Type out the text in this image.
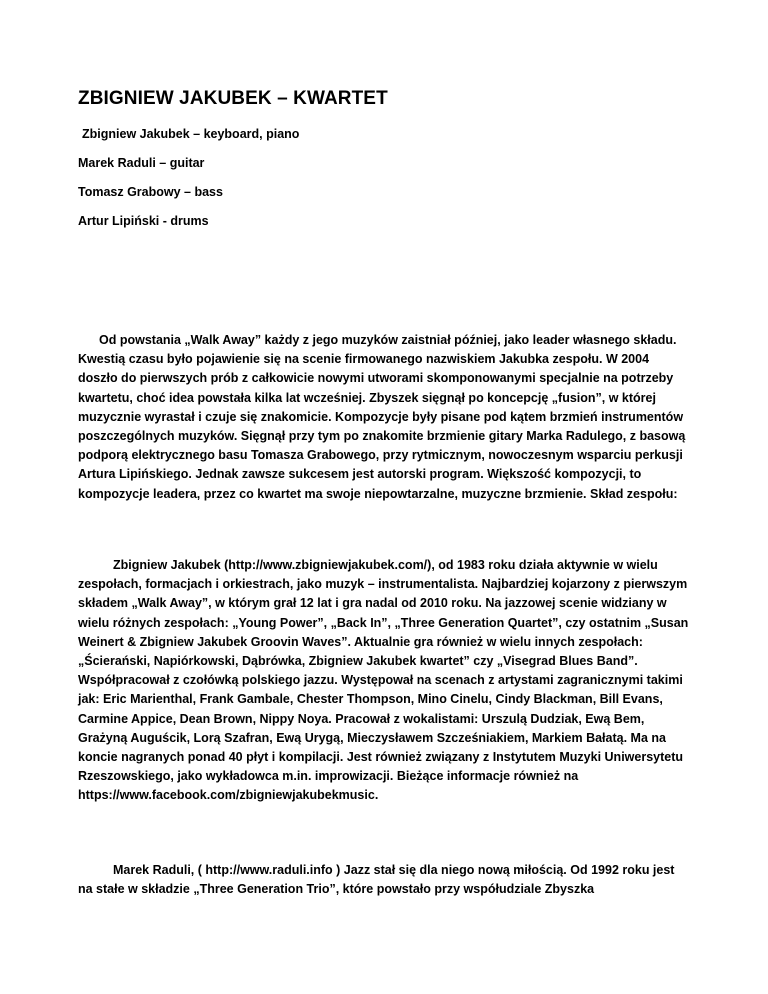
ZBIGNIEW JAKUBEK – KWARTET
Zbigniew Jakubek – keyboard, piano
Marek Raduli – guitar
Tomasz Grabowy – bass
Artur Lipiński - drums

Od powstania „Walk Away” każdy z jego muzyków zaistniał później, jako leader własnego składu. Kwestią czasu było pojawienie się na scenie firmowanego nazwiskiem Jakubka zespołu. W 2004 doszło do pierwszych prób z całkowicie nowymi utworami skomponowanymi specjalnie na potrzeby kwartetu, choć idea powstała kilka lat wcześniej. Zbyszek sięgnął po koncepcję „fusion”, w której muzycznie wyrastał i czuje się znakomicie. Kompozycje były pisane pod kątem brzmień instrumentów poszczególnych muzyków. Sięgnął przy tym po znakomite brzmienie gitary Marka Radulego, z basową podporą elektrycznego basu Tomasza Grabowego, przy rytmicznym, nowoczesnym wsparciu perkusji Artura Lipińskiego. Jednak zawsze sukcesem jest autorski program. Większość kompozycji, to kompozycje leadera, przez co kwartet ma swoje niepowtarzalne, muzyczne brzmienie. Skład zespołu:

Zbigniew Jakubek (http://www.zbigniewjakubek.com/), od 1983 roku działa aktywnie w wielu zespołach, formacjach i orkiestrach, jako muzyk – instrumentalista. Najbardziej kojarzony z pierwszym składem „Walk Away”, w którym grał 12 lat i gra nadal od 2010 roku. Na jazzowej scenie widziany w wielu różnych zespołach: „Young Power”, „Back In”, „Three Generation Quartet”, czy ostatnim „Susan Weinert & Zbigniew Jakubek Groovin Waves”. Aktualnie gra również w wielu innych zespołach: „Ścierański, Napiórkowski, Dąbrówka, Zbigniew Jakubek kwartet” czy „Visegrad Blues Band”. Współpracował z czołówką polskiego jazzu. Występował na scenach z artystami zagranicznymi takimi jak: Eric Marienthal, Frank Gambale, Chester Thompson, Mino Cinelu, Cindy Blackman, Bill Evans, Carmine Appice, Dean Brown, Nippy Noya. Pracował z wokalistami: Urszulą Dudziak, Ewą Bem, Grażyną Auguścik, Lorą Szafran, Ewą Urygą, Mieczysławem Szcześniakiem, Markiem Bałatą. Ma na koncie nagranych ponad 40 płyt i kompilacji. Jest również związany z Instytutem Muzyki Uniwersytetu Rzeszowskiego, jako wykładowca m.in. improwizacji. Bieżące informacje również na https://www.facebook.com/zbigniewjakubekmusic.

Marek Raduli, ( http://www.raduli.info ) Jazz stał się dla niego nową miłością. Od 1992 roku jest na stałe w składzie „Three Generation Trio”, które powstało przy współudziale Zbyszka
